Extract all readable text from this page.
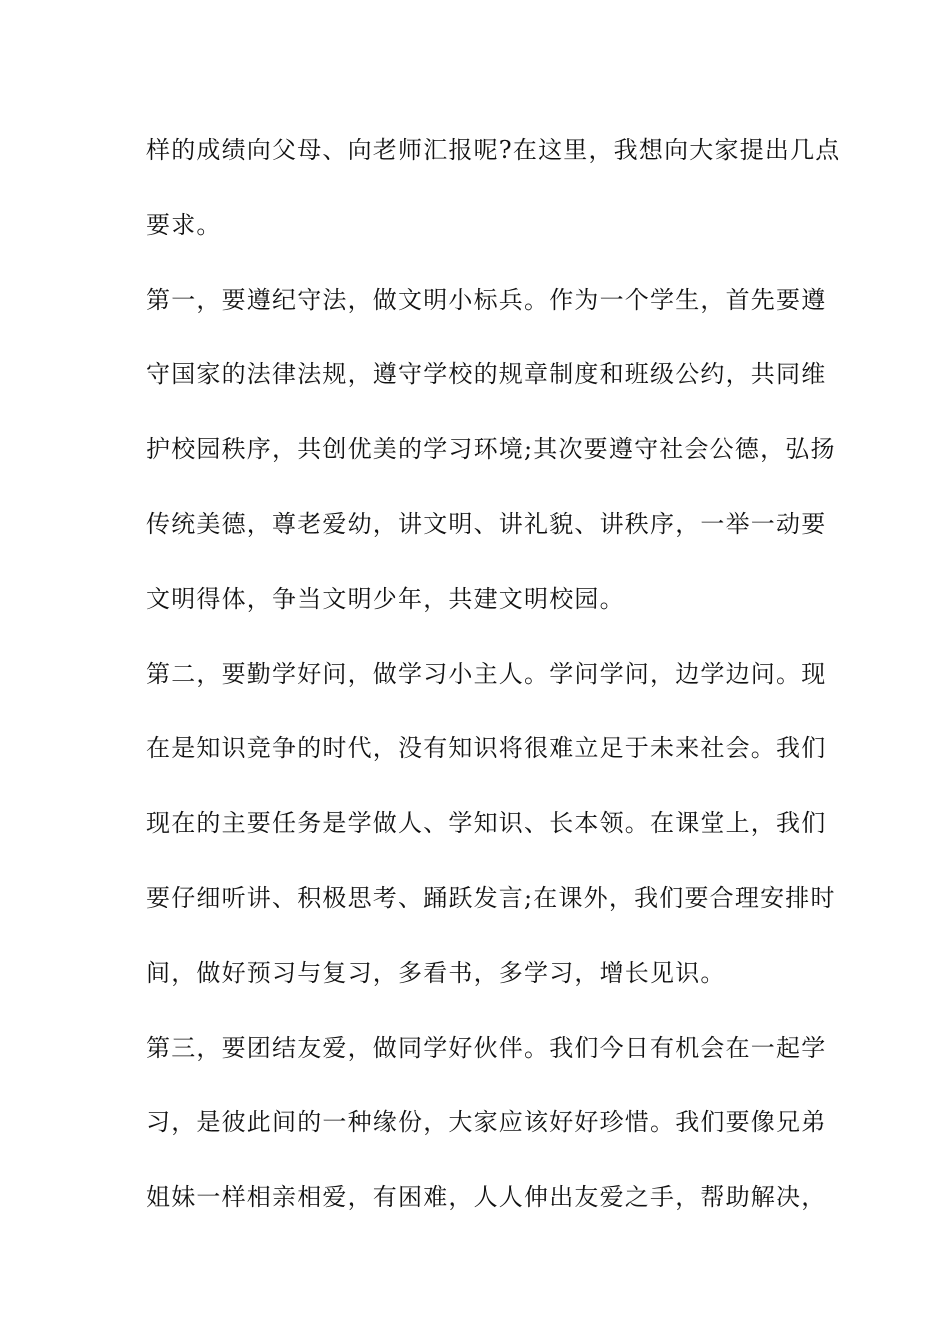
样的成绩向父母、向老师汇报呢?在这里，我想向大家提出几点
要求。
第一，要遵纪守法，做文明小标兵。作为一个学生，首先要遵
守国家的法律法规，遵守学校的规章制度和班级公约，共同维
护校园秩序，共创优美的学习环境;其次要遵守社会公德，弘扬
传统美德，尊老爱幼，讲文明、讲礼貌、讲秩序，一举一动要
文明得体，争当文明少年，共建文明校园。
第二，要勤学好问，做学习小主人。学问学问，边学边问。现
在是知识竞争的时代，没有知识将很难立足于未来社会。我们
现在的主要任务是学做人、学知识、长本领。在课堂上，我们
要仔细听讲、积极思考、踊跃发言;在课外，我们要合理安排时
间，做好预习与复习，多看书，多学习，增长见识。
第三，要团结友爱，做同学好伙伴。我们今日有机会在一起学
习，是彼此间的一种缘份，大家应该好好珍惜。我们要像兄弟
姐妹一样相亲相爱，有困难，人人伸出友爱之手，帮助解决，
